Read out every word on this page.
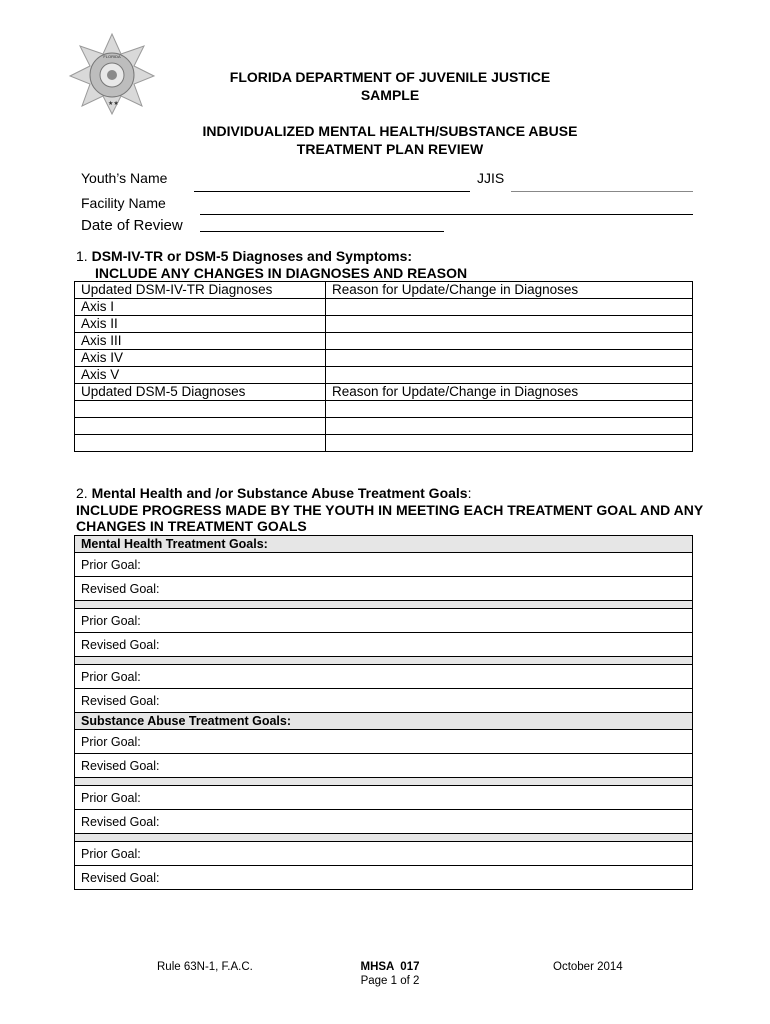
FLORIDA
★★
FLORIDA DEPARTMENT OF JUVENILE JUSTICE
SAMPLE
INDIVIDUALIZED MENTAL HEALTH/SUBSTANCE ABUSE
TREATMENT PLAN REVIEW
Youth’s Name	JJIS
Facility Name
Date of Review
1. DSM-IV-TR or DSM-5 Diagnoses and Symptoms:
INCLUDE ANY CHANGES IN DIAGNOSES AND REASON
Updated DSM-IV-TR Diagnoses	Reason for Update/Change in Diagnoses
Axis I	
Axis II	
Axis III	
Axis IV	
Axis V	
Updated DSM-5 Diagnoses	Reason for Update/Change in Diagnoses

2. Mental Health and /or Substance Abuse Treatment Goals:
INCLUDE PROGRESS MADE BY THE YOUTH IN MEETING EACH TREATMENT GOAL AND ANY
CHANGES IN TREATMENT GOALS
Mental Health Treatment Goals:
Prior Goal:
Revised Goal:

Prior Goal:
Revised Goal:

Prior Goal:
Revised Goal:
Substance Abuse Treatment Goals:
Prior Goal:
Revised Goal:

Prior Goal:
Revised Goal:

Prior Goal:
Revised Goal:
Rule 63N-1, F.A.C.	MHSA  017
Page 1 of 2
October 2014
